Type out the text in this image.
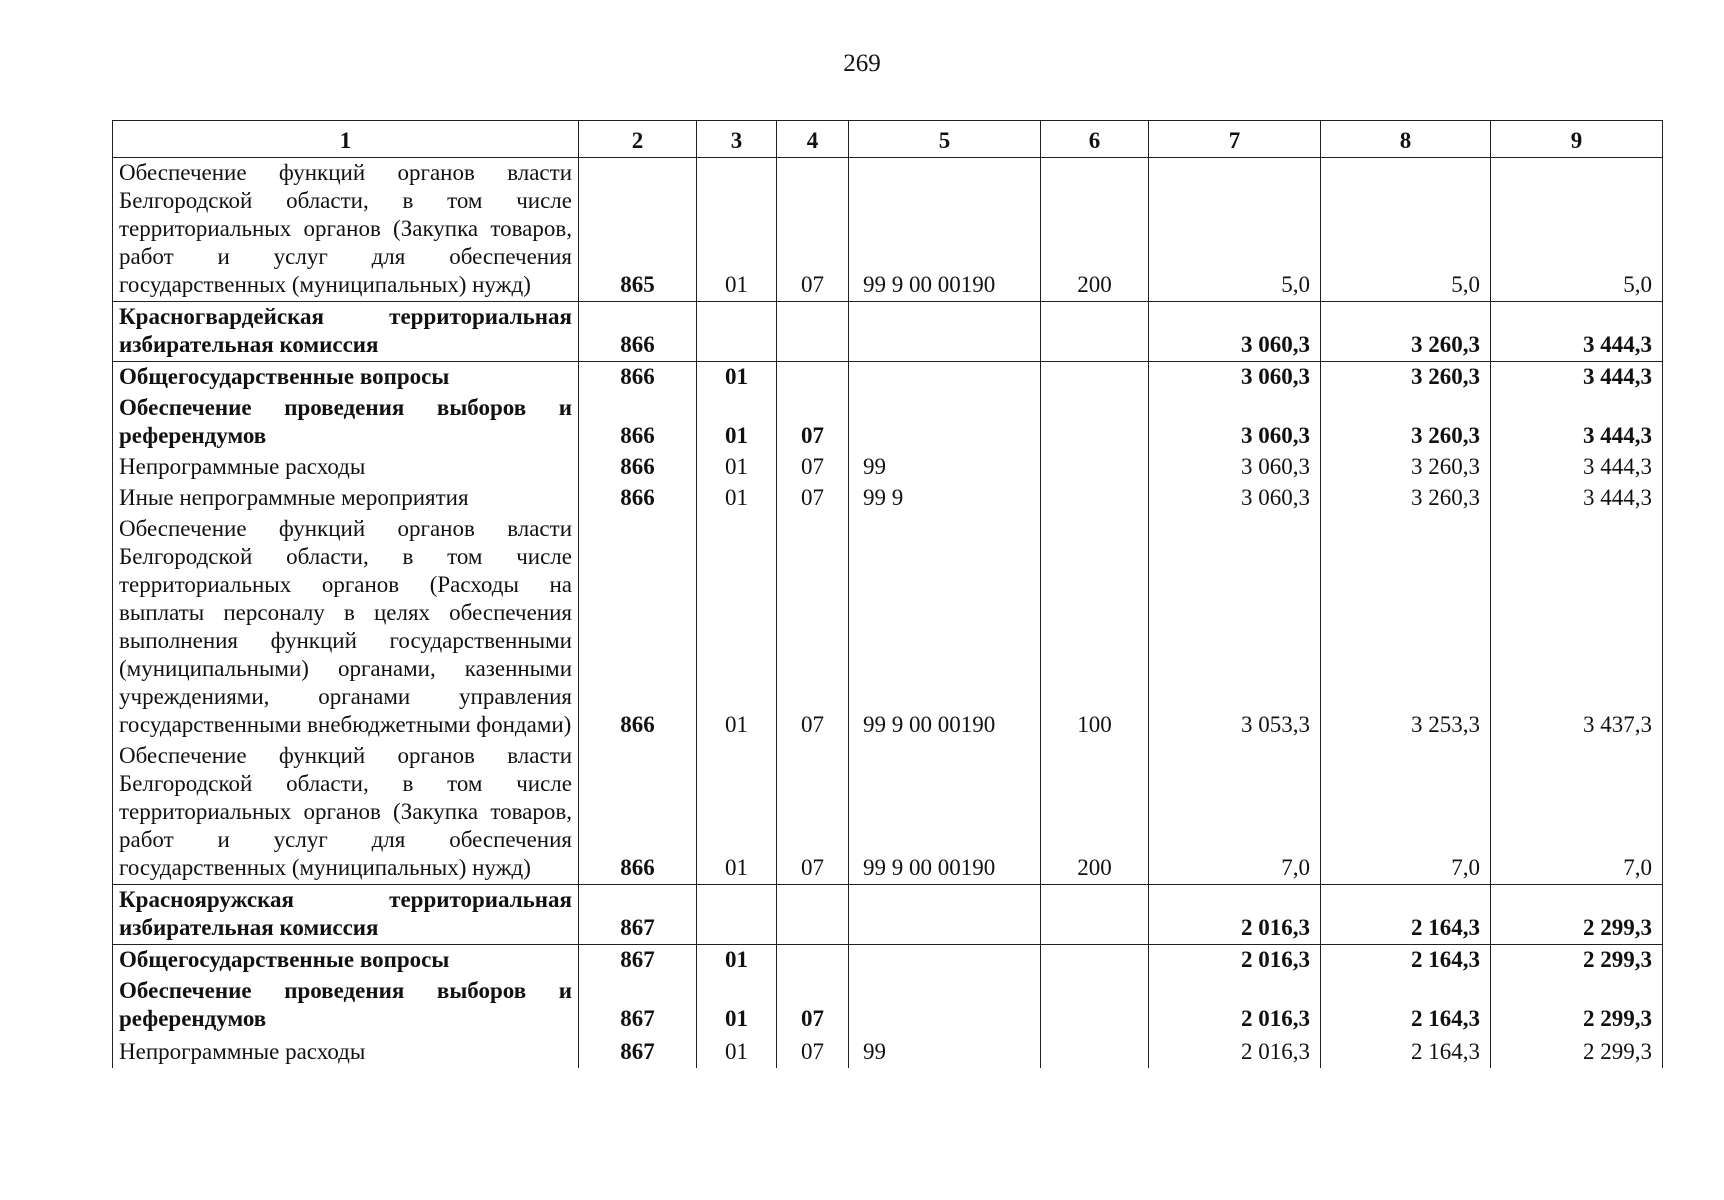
269
1	2	3	4	5	6	7	8	9
Обеспечение функций органов власти Белгородской области, в том числе территориальных органов (Закупка товаров, работ и услуг для обеспечения государственных (муниципальных) нужд)	865	01	07	99 9 00 00190	200	5,0	5,0	5,0
Красногвардейская территориальная избирательная комиссия	866					3 060,3	3 260,3	3 444,3
Общегосударственные вопросы	866	01				3 060,3	3 260,3	3 444,3
Обеспечение проведения выборов и референдумов	866	01	07			3 060,3	3 260,3	3 444,3
Непрограммные расходы	866	01	07	99		3 060,3	3 260,3	3 444,3
Иные непрограммные мероприятия	866	01	07	99 9		3 060,3	3 260,3	3 444,3
Обеспечение функций органов власти Белгородской области, в том числе территориальных органов (Расходы на выплаты персоналу в целях обеспечения выполнения функций государственными (муниципальными) органами, казенными учреждениями, органами управления государственными внебюджетными фондами)	866	01	07	99 9 00 00190	100	3 053,3	3 253,3	3 437,3
Обеспечение функций органов власти Белгородской области, в том числе территориальных органов (Закупка товаров, работ и услуг для обеспечения государственных (муниципальных) нужд)	866	01	07	99 9 00 00190	200	7,0	7,0	7,0
Краснояружская территориальная избирательная комиссия	867					2 016,3	2 164,3	2 299,3
Общегосударственные вопросы	867	01				2 016,3	2 164,3	2 299,3
Обеспечение проведения выборов и референдумов	867	01	07			2 016,3	2 164,3	2 299,3
Непрограммные расходы	867	01	07	99		2 016,3	2 164,3	2 299,3
